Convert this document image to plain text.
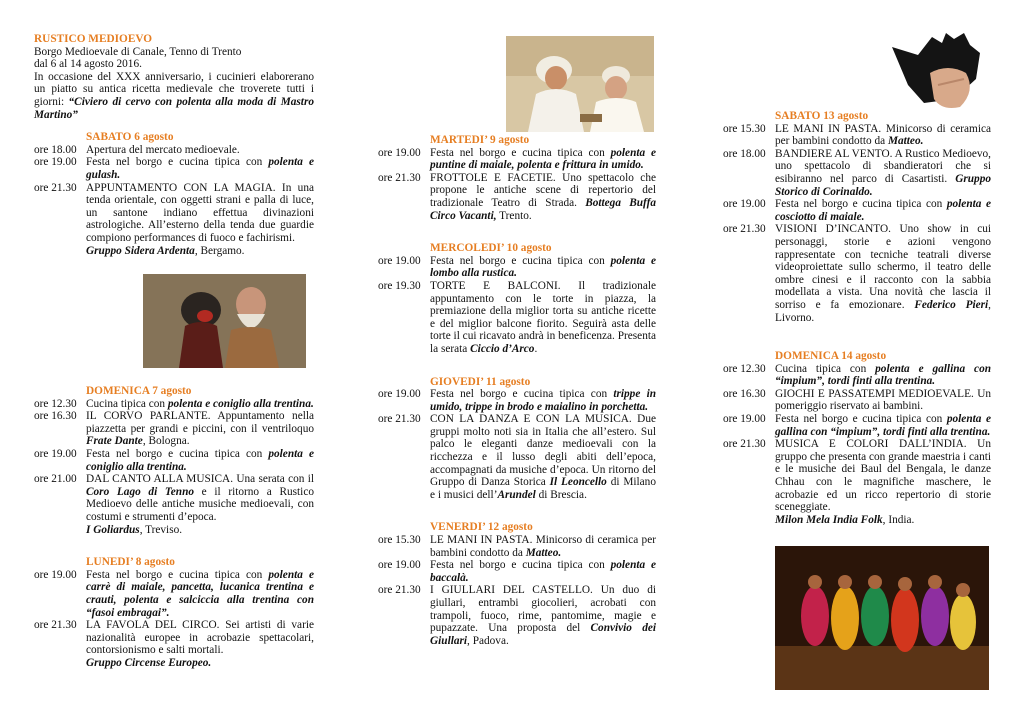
RUSTICO MEDIOEVO
Borgo Medioevale di Canale, Tenno di Trento
dal 6 al 14 agosto 2016.
In occasione del XXX anniversario, i cucinieri elaborerano un piatto su antica ricetta medievale che troverete tutti i giorni: “Civiero di cervo con polenta alla moda di Mastro Martino”
SABATO 6 agosto
ore 18.00 Apertura del mercato medioevale.
ore 19.00 Festa nel borgo e cucina tipica con polenta e gulash.
ore 21.30 APPUNTAMENTO CON LA MAGIA. In una tenda orientale, con oggetti strani e palla di luce, un santone indiano effettua divinazioni astrologiche. All’esterno della tenda due guardie compiono performances di fuoco e fachirismi.
Gruppo Sidera Ardenta, Bergamo.
DOMENICA 7 agosto
ore 12.30 Cucina tipica con polenta e coniglio alla trentina.
ore 16.30 IL CORVO PARLANTE. Appuntamento nella piazzetta per grandi e piccini, con il ventriloquo Frate Dante, Bologna.
ore 19.00 Festa nel borgo e cucina tipica con polenta e coniglio alla trentina.
ore 21.00 DAL CANTO ALLA MUSICA. Una serata con il Coro Lago di Tenno e il ritorno a Rustico Medioevo delle antiche musiche medioevali, con costumi e strumenti d’epoca.
I Goliardus, Treviso.
LUNEDI’ 8 agosto
ore 19.00 Festa nel borgo e cucina tipica con polenta e carrè di maiale, pancetta, lucanica trentina e crauti, polenta e salciccia alla trentina con “fasoi embragai”.
ore 21.30 LA FAVOLA DEL CIRCO. Sei artisti di varie nazionalità europee in acrobazie spettacolari, contorsionismo e salti mortali.
Gruppo Circense Europeo.
MARTEDI’ 9 agosto
ore 19.00 Festa nel borgo e cucina tipica con polenta e puntine di maiale, polenta e frittura in umido.
ore 21.30 FROTTOLE E FACETIE. Uno spettacolo che propone le antiche scene di repertorio del tradizionale Teatro di Strada. Bottega Buffa Circo Vacanti, Trento.
MERCOLEDI’ 10 agosto
ore 19.00 Festa nel borgo e cucina tipica con polenta e lombo alla rustica.
ore 19.30 TORTE E BALCONI. Il tradizionale appuntamento con le torte in piazza, la premiazione della miglior torta su antiche ricette e del miglior balcone fiorito. Seguirà asta delle torte il cui ricavato andrà in beneficenza. Presenta la serata Ciccio d’Arco.
GIOVEDI’ 11 agosto
ore 19.00 Festa nel borgo e cucina tipica con trippe in umido, trippe in brodo e maialino in porchetta.
ore 21.30 CON LA DANZA E CON LA MUSICA. Due gruppi molto noti sia in Italia che all’estero. Sul palco le eleganti danze medioevali con la ricchezza e il lusso degli abiti dell’epoca, accompagnati da musiche d’epoca. Un ritorno del Gruppo di Danza Storica Il Leoncello di Milano e i musici dell’Arundel di Brescia.
VENERDI’ 12 agosto
ore 15.30 LE MANI IN PASTA. Minicorso di ceramica per bambini condotto da Matteo.
ore 19.00 Festa nel borgo e cucina tipica con polenta e baccalà.
ore 21.30 I GIULLARI DEL CASTELLO. Un duo di giullari, entrambi giocolieri, acrobati con trampoli, fuoco, rime, pantomime, magie e pupazzate. Una proposta del Convivio dei Giullari, Padova.
SABATO 13 agosto
ore 15.30 LE MANI IN PASTA. Minicorso di ceramica per bambini condotto da Matteo.
ore 18.00 BANDIERE AL VENTO. A Rustico Medioevo, uno spettacolo di sbandieratori che si esibiranno nel parco di Casartisti. Gruppo Storico di Corinaldo.
ore 19.00 Festa nel borgo e cucina tipica con polenta e cosciotto di maiale.
ore 21.30 VISIONI D’INCANTO. Uno show in cui personaggi, storie e azioni vengono rappresentate con tecniche teatrali diverse videoproiettate sullo schermo, il teatro delle ombre cinesi e il racconto con la sabbia modellata a vista. Una novità che lascia il sorriso e fa emozionare. Federico Pieri, Livorno.
DOMENICA 14 agosto
ore 12.30 Cucina tipica con polenta e gallina con “impium”, tordi finti alla trentina.
ore 16.30 GIOCHI E PASSATEMPI MEDIOEVALE. Un pomeriggio riservato ai bambini.
ore 19.00 Festa nel borgo e cucina tipica con polenta e gallina con “impium”, tordi finti alla trentina.
ore 21.30 MUSICA E COLORI DALL’INDIA. Un gruppo che presenta con grande maestria i canti e le musiche dei Baul del Bengala, le danze Chhau con le magnifiche maschere, le acrobazie ed un ricco repertorio di storie sceneggiate.
Milon Mela India Folk, India.
